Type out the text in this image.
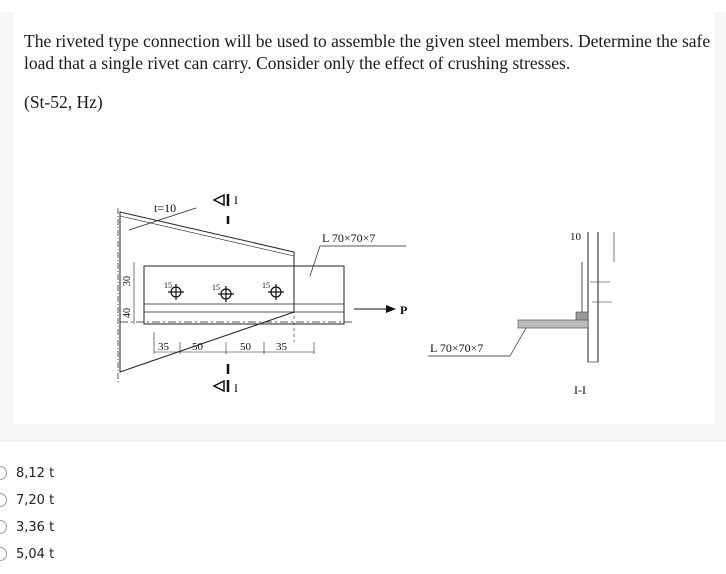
The riveted type connection will be used to assemble the given steel members. Determine the safe load that a single rivet can carry. Consider only the effect of crushing stresses.

(St-52, Hz)

15	15	15
t=10
I
I
L 70×70×7
P
35 50	50 35
40
30
10
L 70×70×7
I-I
8,12 t
7,20 t
3,36 t
5,04 t
